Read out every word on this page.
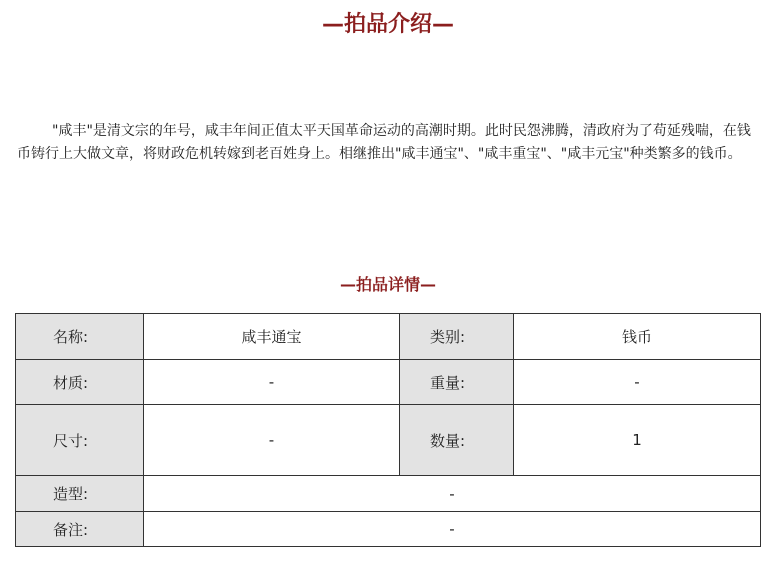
—拍品介绍—

"咸丰"是清文宗的年号，咸丰年间正值太平天国革命运动的高潮时期。此时民怨沸腾，清政府为了苟延残喘，在钱币铸行上大做文章，将财政危机转嫁到老百姓身上。相继推出"咸丰通宝"、"咸丰重宝"、"咸丰元宝"种类繁多的钱币。

—拍品详情—
名称:	咸丰通宝	类别:	钱币
材质:	-	重量:	-
尺寸:	-	数量:	1
造型:	-		
备注:	-		
